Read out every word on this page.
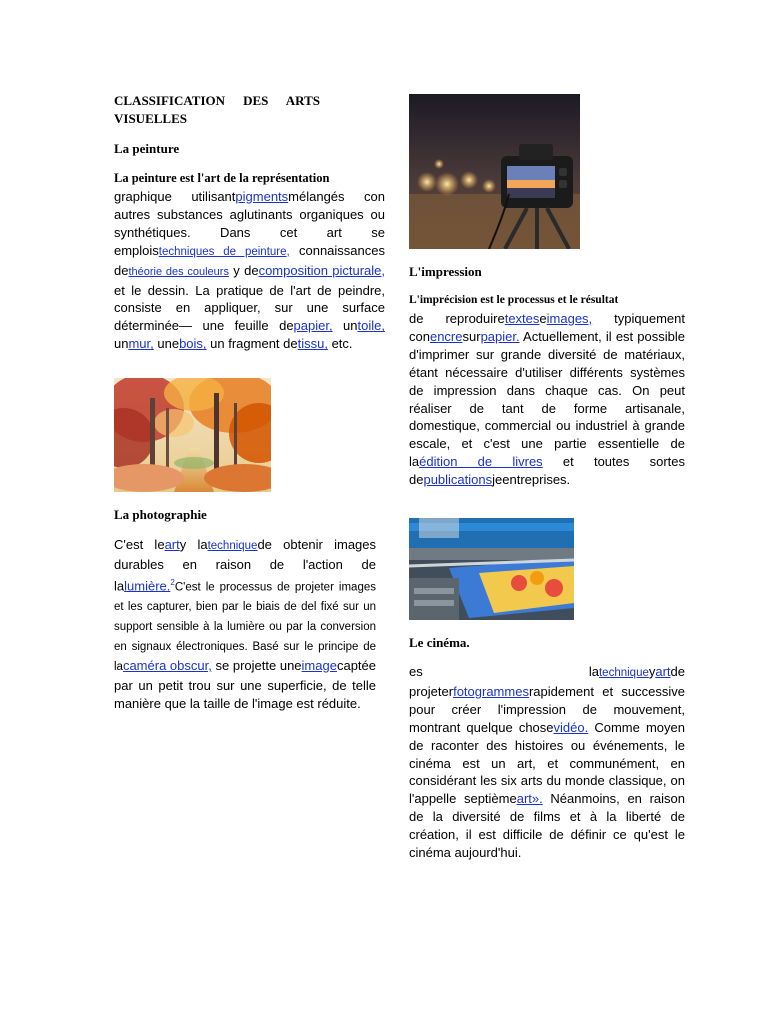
CLASSIFICATION DES ARTS VISUELLES
La peinture

La peinture est l'art de la représentation

graphique utilisantpigmentsmélangés con autres substances aglutinants organiques ou synthétiques. Dans cet art se emploistechniques de peinture, connaissances dethéorie des couleurs y decomposition picturale, et le dessin. La pratique de l'art de peindre, consiste en appliquer, sur une surface déterminée— une feuille depapier, untoile, unmur, unebois, un fragment detissu, etc.

La photographie

C'est learty latechniquede obtenir images durables en raison de l'action de lalumière.$^2$C'est le processus de projeter images et les capturer, bien par le biais de del fixé sur un support sensible à la lumière ou par la conversion en signaux électroniques. Basé sur le principe de lacaméra obscur, se projette uneimagecaptée par un petit trou sur une superficie, de telle manière que la taille de l'image est réduite.

L'impression

L'imprécision est le processus et le résultat

de reproduiretexteseimages, typiquement conencresurpapier. Actuellement, il est possible d'imprimer sur grande diversité de matériaux, étant nécessaire d'utiliser différents systèmes de impression dans chaque cas. On peut réaliser de tant de forme artisanale, domestique, commercial ou industriel à grande escale, et c'est une partie essentielle de laédition de livres et toutes sortes depublicationsjeentreprises.

Le cinéma.

es latechniqueyartde projeterfotogrammesrapidement et successive pour créer l'impression de mouvement, montrant quelque chosevidéo. Comme moyen de raconter des histoires ou événements, le cinéma est un art, et communément, en considérant les six arts du monde classique, on l'appelle septièmeart». Néanmoins, en raison de la diversité de films et à la liberté de création, il est difficile de définir ce qu'est le cinéma aujourd'hui.
